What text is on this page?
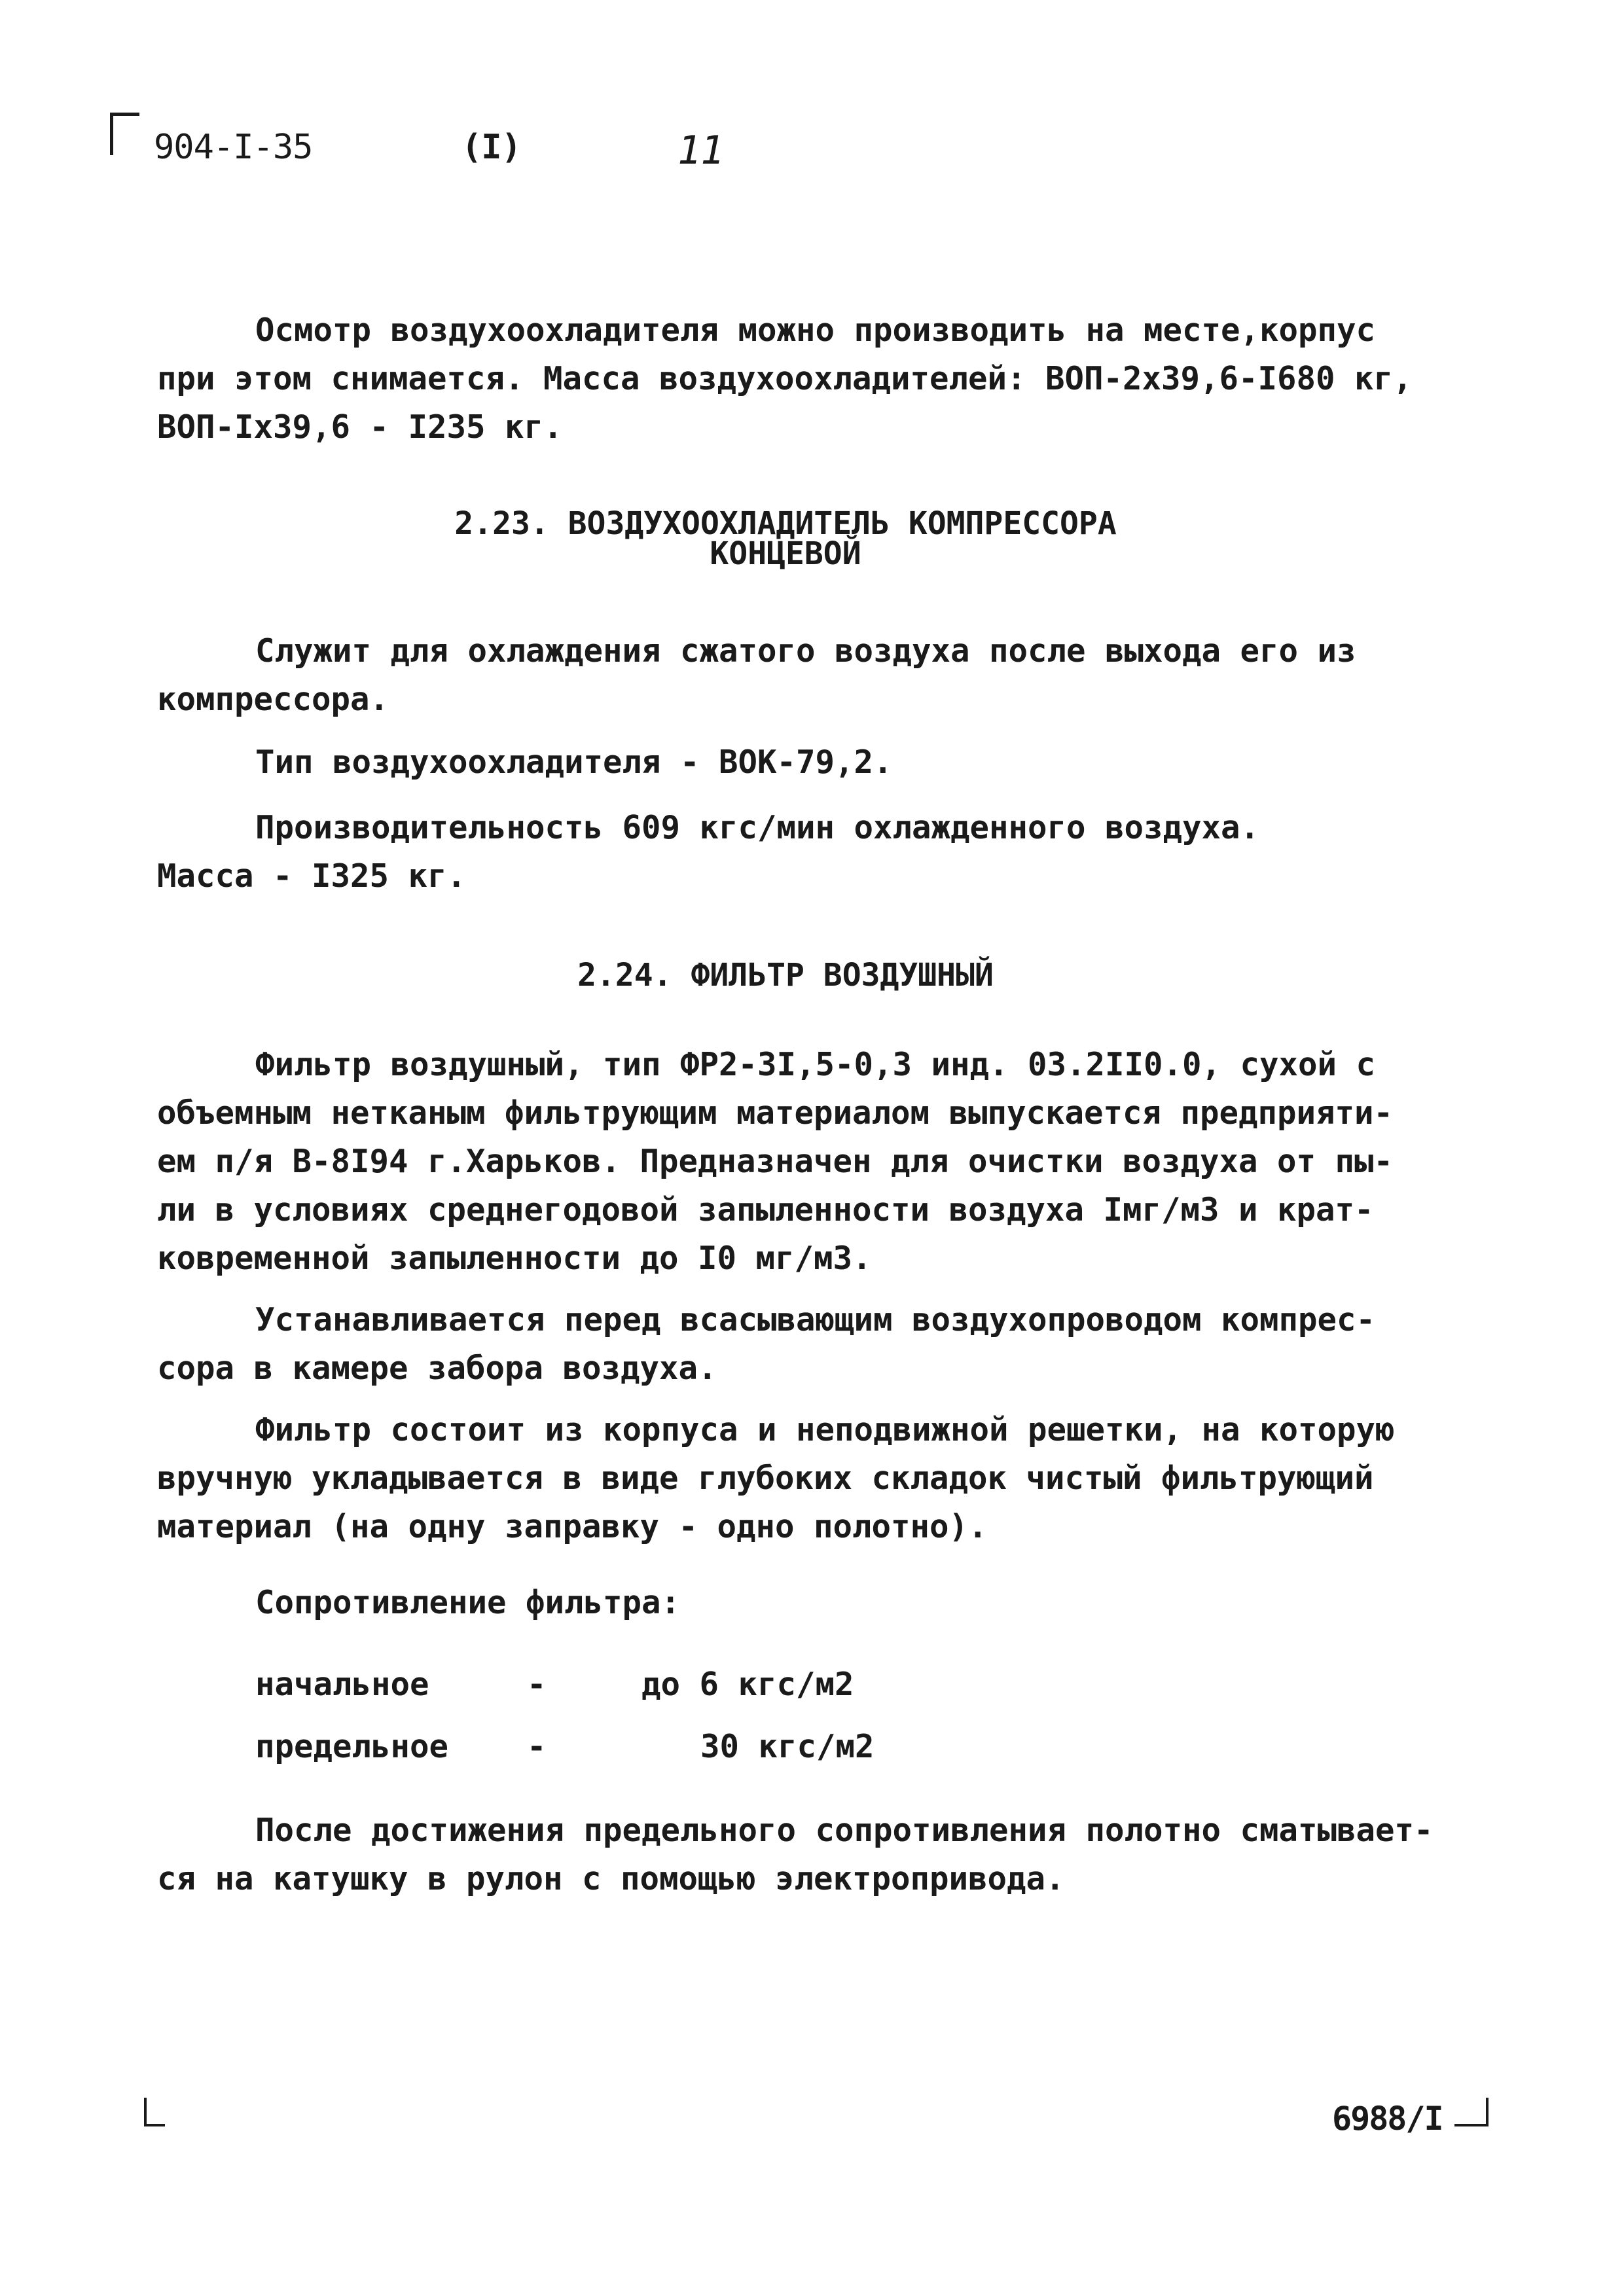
904-I-35	(I)	11

Осмотр воздухоохладителя можно производить на месте,корпус
при этом снимается. Масса воздухоохладителей: ВОП-2х39,6-I680 кг,
ВОП-Iх39,6 - I235 кг.

2.23. ВОЗДУХООХЛАДИТЕЛЬ КОМПРЕССОРА
КОНЦЕВОЙ

Служит для охлаждения сжатого воздуха после выхода его из
компрессора.

Тип воздухоохладителя - ВОК-79,2.

Производительность 609 кгс/мин охлажденного воздуха.
Масса - I325 кг.

2.24. ФИЛЬТР ВОЗДУШНЫЙ

Фильтр воздушный, тип ФР2-3I,5-0,3 инд. 03.2II0.0, сухой с
объемным нетканым фильтрующим материалом выпускается предприяти-
ем п/я В-8I94 г.Харьков. Предназначен для очистки воздуха от пы-
ли в условиях среднегодовой запыленности воздуха Iмг/м3 и крат-
ковременной запыленности до I0 мг/м3.

Устанавливается перед всасывающим воздухопроводом компрес-
сора в камере забора воздуха.

Фильтр состоит из корпуса и неподвижной решетки, на которую
вручную укладывается в виде глубоких складок чистый фильтрующий
материал (на одну заправку - одно полотно).

Сопротивление фильтра:

начальное	-	до 6 кгс/м2
предельное -	30 кгс/м2

После достижения предельного сопротивления полотно сматывает-
ся на катушку в рулон с помощью электропривода.

6988/I
